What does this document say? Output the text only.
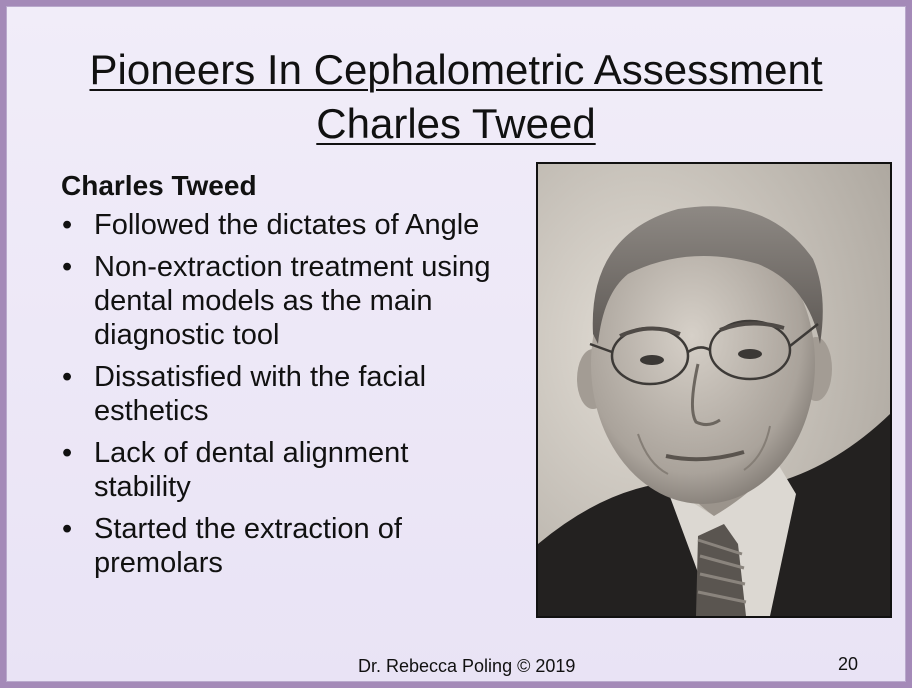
Pioneers In Cephalometric Assessment
Charles Tweed
Charles Tweed
• Followed the dictates of Angle
• Non-extraction treatment using dental models as the main diagnostic tool
• Dissatisfied with the facial esthetics
• Lack of dental alignment stability
• Started the extraction of premolars
Dr. Rebecca Poling © 2019	20
